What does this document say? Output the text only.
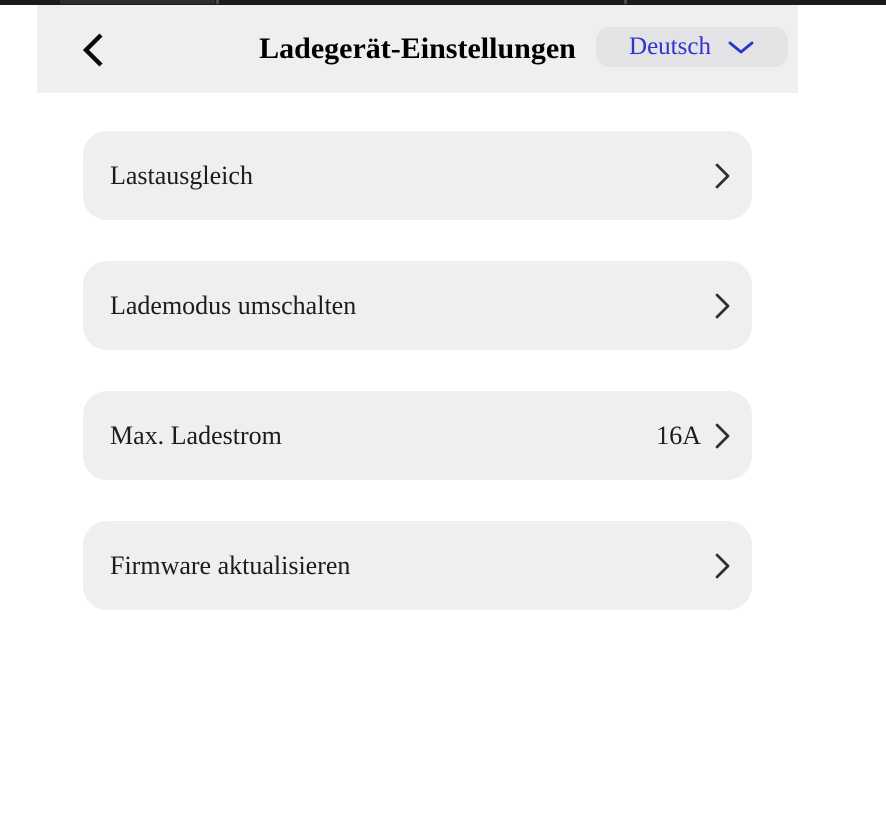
Ladegerät-Einstellungen	Deutsch
Lastausgleich
Lademodus umschalten
Max. Ladestrom	16A
Firmware aktualisieren
